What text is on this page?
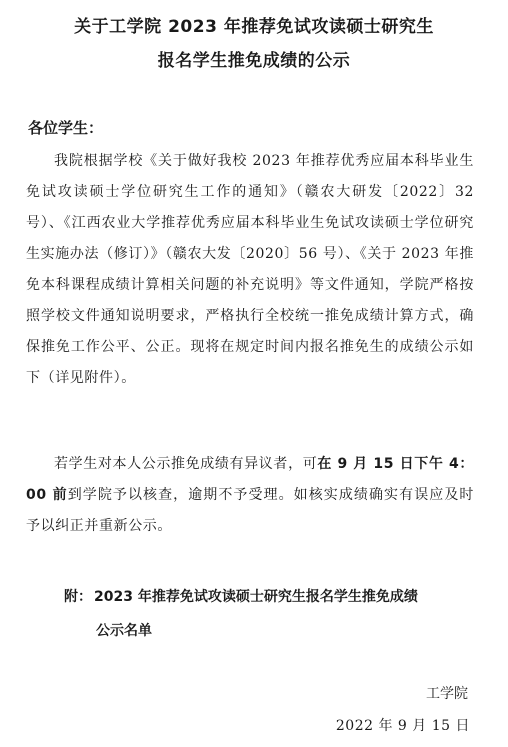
关于工学院 2023 年推荐免试攻读硕士研究生
报名学生推免成绩的公示

各位学生：

我院根据学校《关于做好我校 2023 年推荐优秀应届本科毕业生免试攻读硕士学位研究生工作的通知》（赣农大研发〔2022〕32 号）、《江西农业大学推荐优秀应届本科毕业生免试攻读硕士学位研究生实施办法（修订）》（赣农大发〔2020〕56 号）、《关于 2023 年推免本科课程成绩计算相关问题的补充说明》等文件通知，学院严格按照学校文件通知说明要求，严格执行全校统一推免成绩计算方式，确保推免工作公平、公正。现将在规定时间内报名推免生的成绩公示如下（详见附件）。

若学生对本人公示推免成绩有异议者，可在 9 月 15 日下午 4：00 前到学院予以核查，逾期不予受理。如核实成绩确实有误应及时予以纠正并重新公示。

附： 2023 年推荐免试攻读硕士研究生报名学生推免成绩
公示名单

工学院

2022 年 9 月 15 日
